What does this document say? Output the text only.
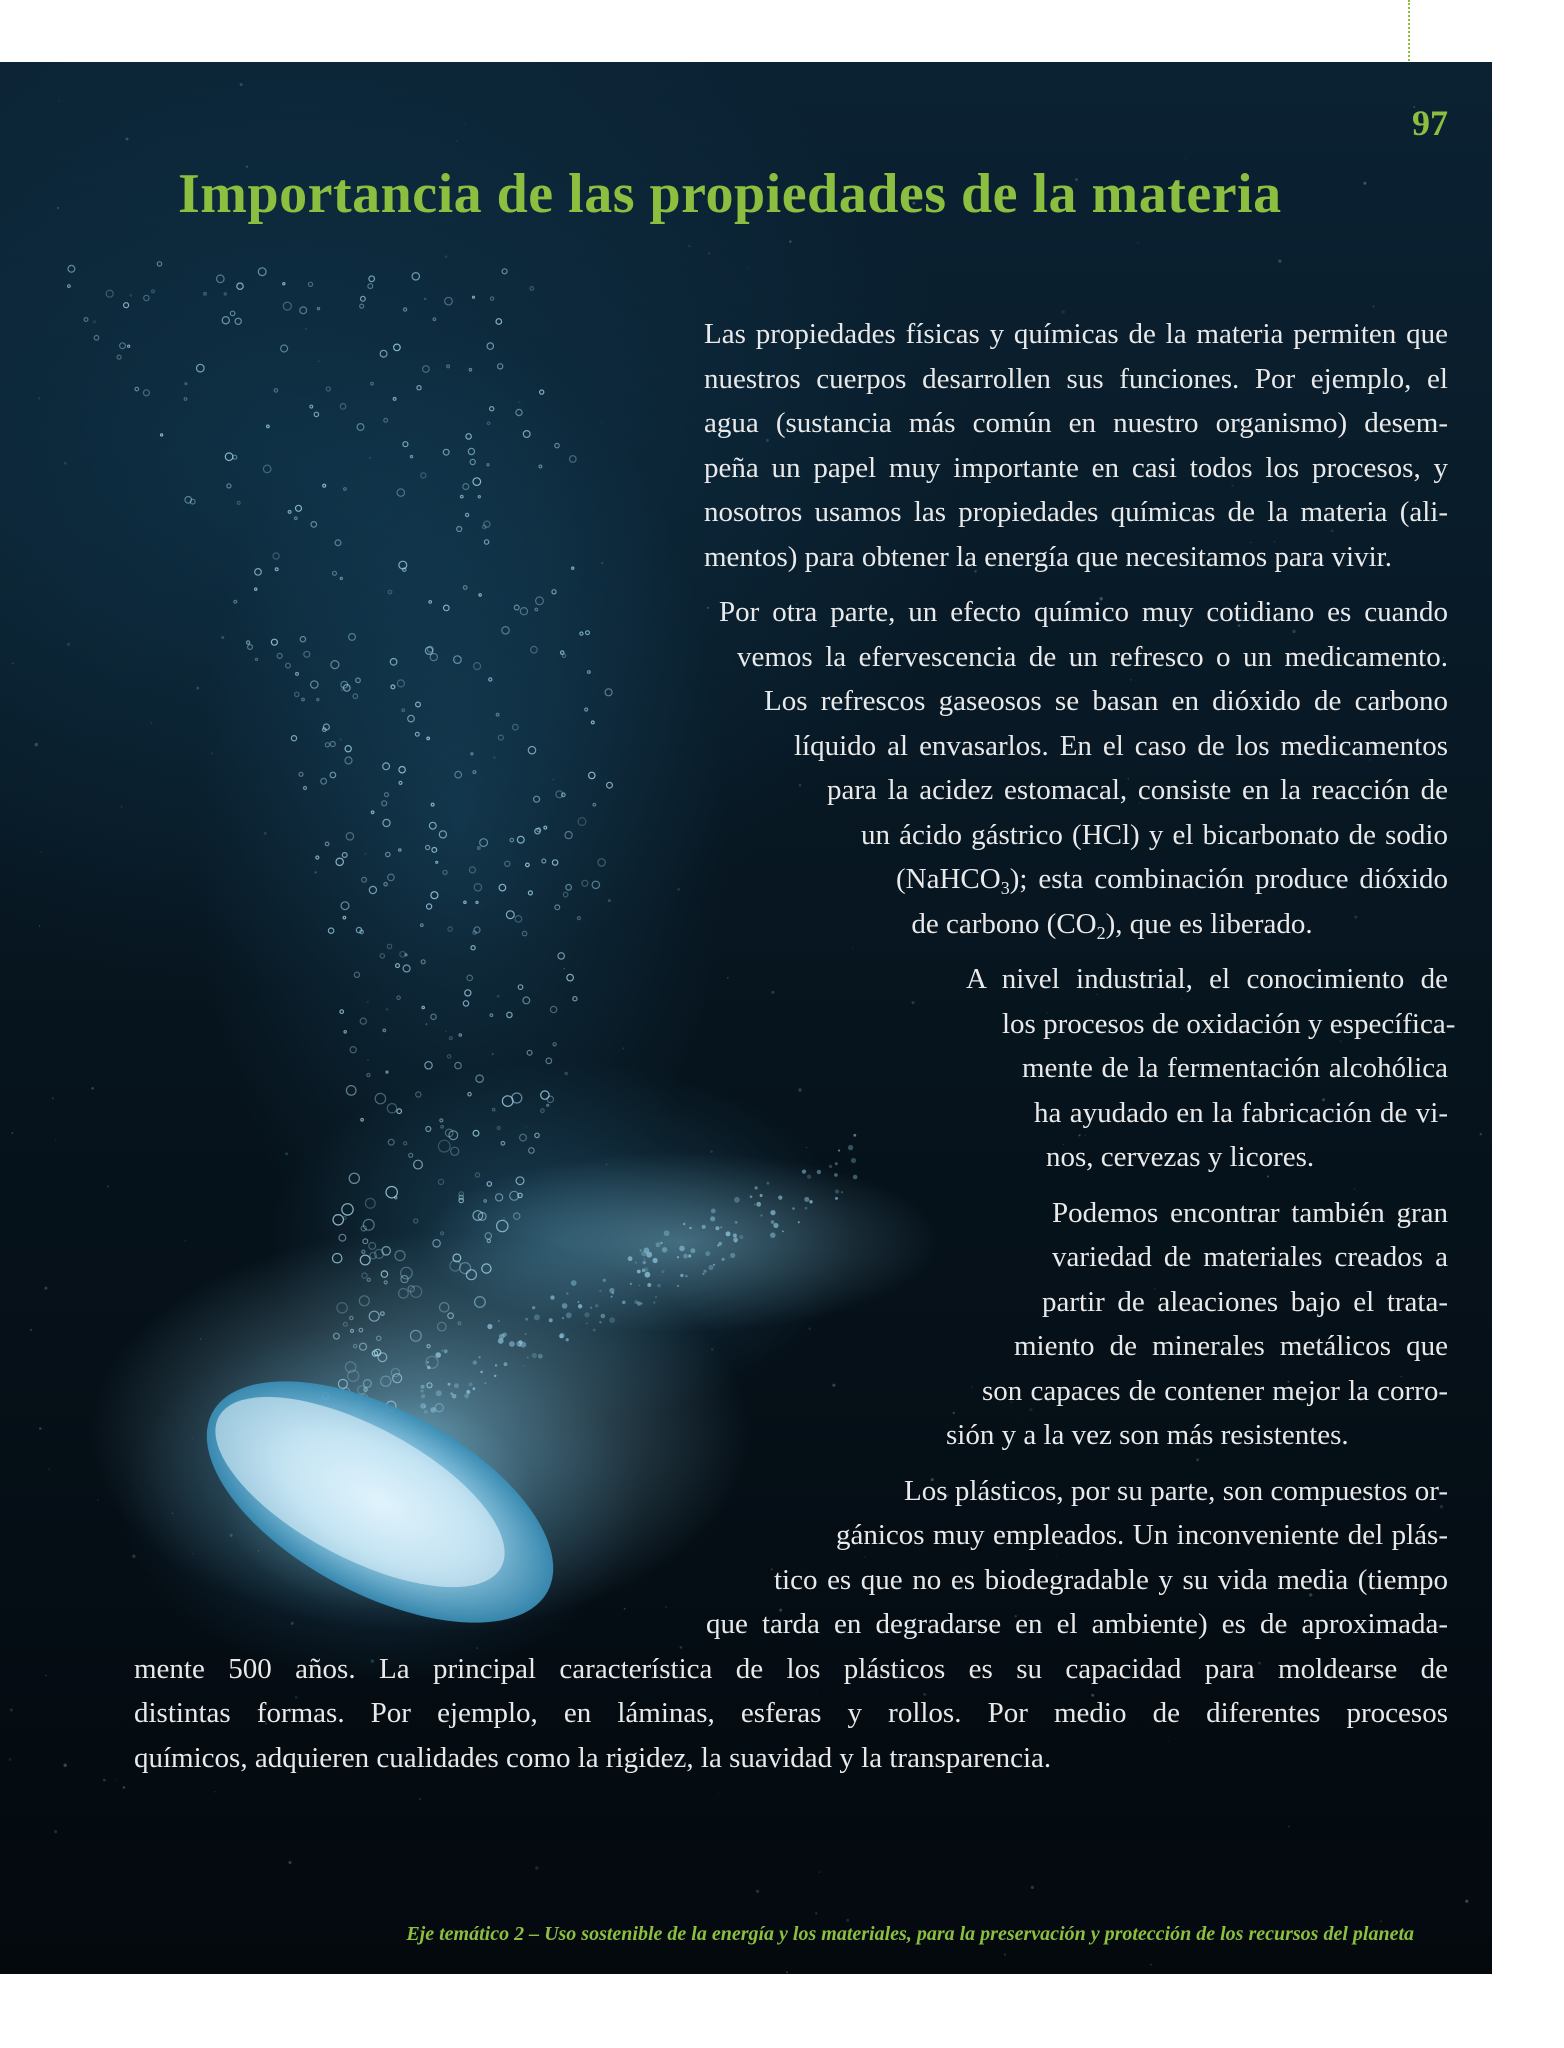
97
Importancia de las propiedades de la materia

Las propiedades físicas y químicas de la materia permiten que
nuestros cuerpos desarrollen sus funciones. Por ejemplo, el
agua (sustancia más común en nuestro organismo) desem-
peña un papel muy importante en casi todos los procesos, y
nosotros usamos las propiedades químicas de la materia (ali-
mentos) para obtener la energía que necesitamos para vivir.

Por otra parte, un efecto químico muy cotidiano es cuando
vemos la efervescencia de un refresco o un medicamento.
Los refrescos gaseosos se basan en dióxido de carbono
líquido al envasarlos. En el caso de los medicamentos
para la acidez estomacal, consiste en la reacción de
un ácido gástrico (HCl) y el bicarbonato de sodio
(NaHCO$_3$); esta combinación produce dióxido
de carbono $(CO_2)$, que es liberado.

A nivel industrial, el conocimiento de
los procesos de oxidación y específica-
mente de la fermentación alcohólica
ha ayudado en la fabricación de vi-
nos, cervezas y licores.

Podemos encontrar también gran
variedad de materiales creados a
partir de aleaciones bajo el trata-
miento de minerales metálicos que
son capaces de contener mejor la corro-
sión y a la vez son más resistentes.

Los plásticos, por su parte, son compuestos or-
gánicos muy empleados. Un inconveniente del plás-
tico es que no es biodegradable y su vida media (tiempo
que tarda en degradarse en el ambiente) es de aproximada-
mente 500 años. La principal característica de los plásticos es su capacidad para moldearse de
distintas formas. Por ejemplo, en láminas, esferas y rollos. Por medio de diferentes procesos
químicos, adquieren cualidades como la rigidez, la suavidad y la transparencia.

Eje temático 2 – Uso sostenible de la energía y los materiales, para la preservación y protección de los recursos del planeta
